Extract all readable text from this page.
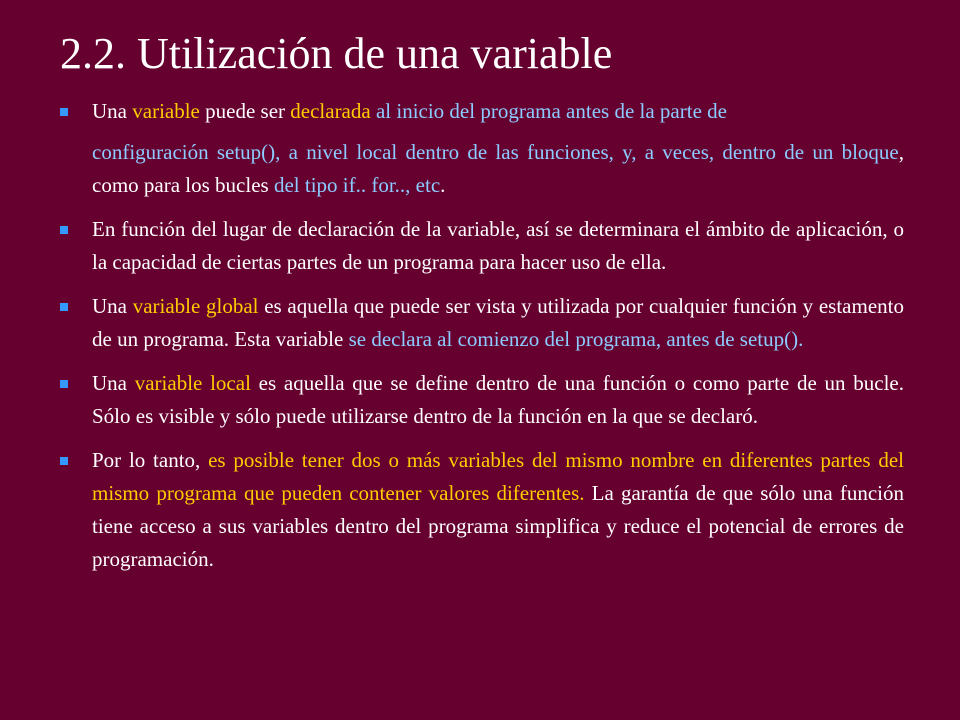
2.2. Utilización de una variable
Una variable puede ser declarada al inicio del programa antes de la parte de
configuración setup(), a nivel local dentro de las funciones, y, a veces, dentro de un bloque, como para los bucles del tipo if.. for.., etc.
En función del lugar de declaración de la variable, así se determinara el ámbito de aplicación, o la capacidad de ciertas partes de un programa para hacer uso de ella.
Una variable global es aquella que puede ser vista y utilizada por cualquier función y estamento de un programa. Esta variable se declara al comienzo del programa, antes de setup().
Una variable local es aquella que se define dentro de una función o como parte de un bucle. Sólo es visible y sólo puede utilizarse dentro de la función en la que se declaró.
Por lo tanto, es posible tener dos o más variables del mismo nombre en diferentes partes del mismo programa que pueden contener valores diferentes. La garantía de que sólo una función tiene acceso a sus variables dentro del programa simplifica y reduce el potencial de errores de programación.
